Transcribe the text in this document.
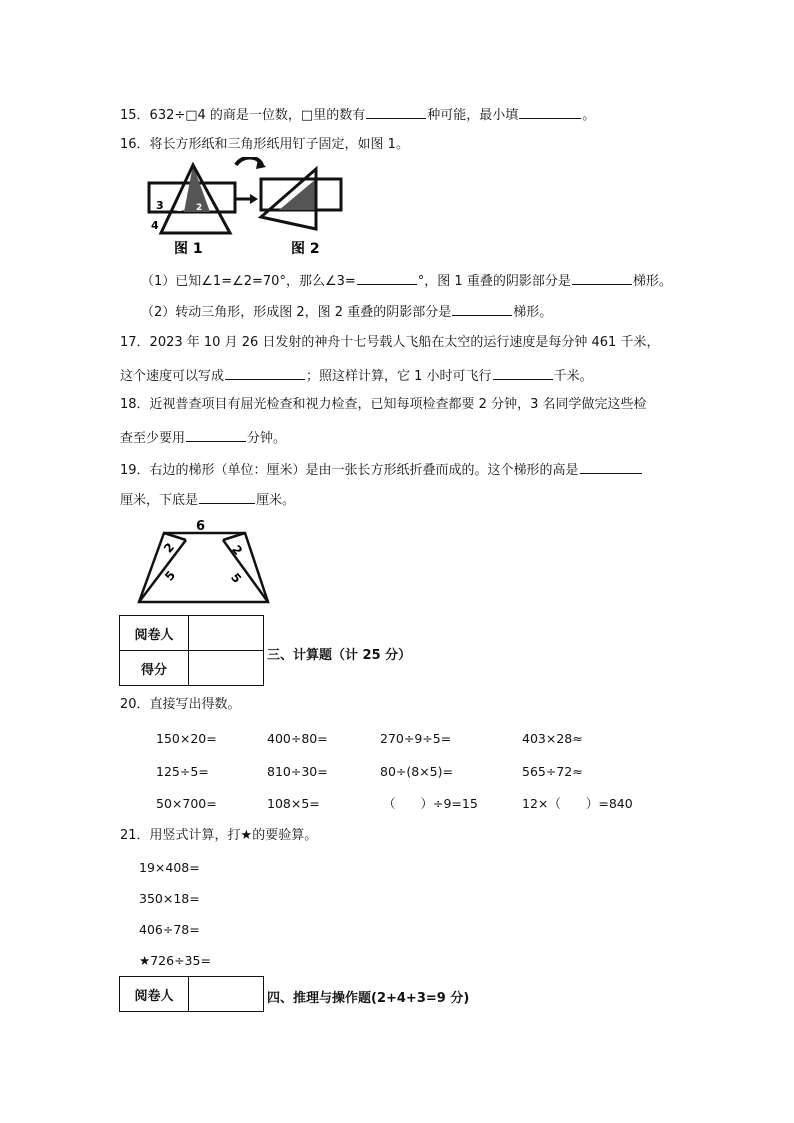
15．632÷□4 的商是一位数，□里的数有	种可能，最小填	。
16．将长方形纸和三角形纸用钉子固定，如图 1。
3 1 2
4
图 1	图 2
（1）已知∠1=∠2=70°，那么∠3=	°，图 1 重叠的阴影部分是	梯形。
（2）转动三角形，形成图 2，图 2 重叠的阴影部分是	梯形。
17．2023 年 10 月 26 日发射的神舟十七号载人飞船在太空的运行速度是每分钟 461 千米，
这个速度可以写成	；照这样计算，它 1 小时可飞行	千米。
18．近视普查项目有屈光检查和视力检查，已知每项检查都要 2 分钟，3 名同学做完这些检
查至少要用	分钟。
19．右边的梯形（单位：厘米）是由一张长方形纸折叠而成的。这个梯形的高是
厘米，下底是	厘米。
6
2
5
2
5
阅卷人	
得分	
三、计算题（计 25 分）
20．直接写出得数。
150×20=	400÷80=	270÷9÷5=	403×28≈
125÷5=	810÷30=	80÷(8×5)=	565÷72≈
50×700=	108×5=	（　　）÷9=15	12×（　　）=840
21．用竖式计算，打★的要验算。
19×408=
350×18=
406÷78=
★726÷35=
阅卷人		四、推理与操作题(2+4+3=9 分)
